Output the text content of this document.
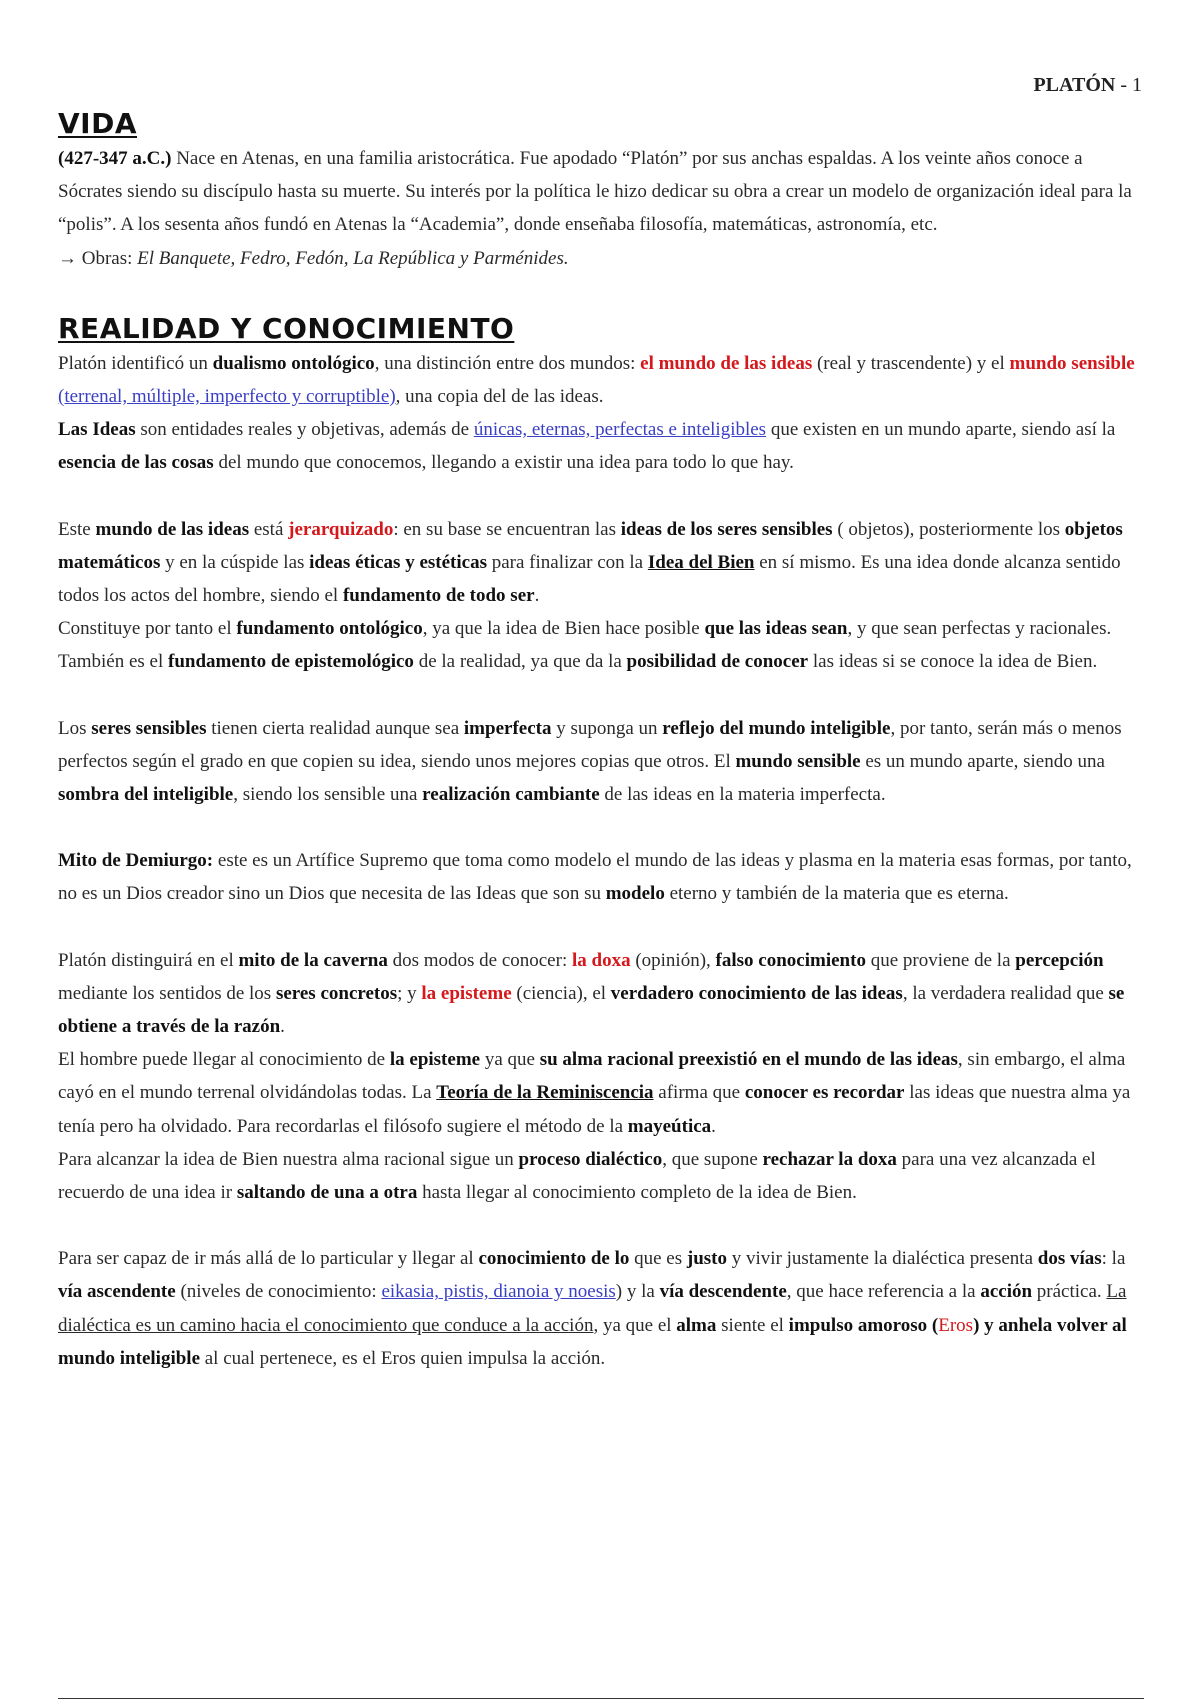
PLATÓN - 1
VIDA

(427-347 a.C.) Nace en Atenas, en una familia aristocrática. Fue apodado “Platón” por sus anchas espaldas. A los veinte años conoce a Sócrates siendo su discípulo hasta su muerte. Su interés por la política le hizo dedicar su obra a crear un modelo de organización ideal para la “polis”. A los sesenta años fundó en Atenas la “Academia”, donde enseñaba filosofía, matemáticas, astronomía, etc.

→ Obras: El Banquete, Fedro, Fedón, La República y Parménides.

REALIDAD Y CONOCIMIENTO

Platón identificó un dualismo ontológico, una distinción entre dos mundos: el mundo de las ideas (real y trascendente) y el mundo sensible (terrenal, múltiple, imperfecto y corruptible), una copia del de las ideas.

Las Ideas son entidades reales y objetivas, además de únicas, eternas, perfectas e inteligibles que existen en un mundo aparte, siendo así la esencia de las cosas del mundo que conocemos, llegando a existir una idea para todo lo que hay.

Este mundo de las ideas está jerarquizado: en su base se encuentran las ideas de los seres sensibles ( objetos), posteriormente los objetos matemáticos y en la cúspide las ideas éticas y estéticas para finalizar con la Idea del Bien en sí mismo. Es una idea donde alcanza sentido todos los actos del hombre, siendo el fundamento de todo ser.

Constituye por tanto el fundamento ontológico, ya que la idea de Bien hace posible que las ideas sean, y que sean perfectas y racionales. También es el fundamento de epistemológico de la realidad, ya que da la posibilidad de conocer las ideas si se conoce la idea de Bien.

Los seres sensibles tienen cierta realidad aunque sea imperfecta y suponga un reflejo del mundo inteligible, por tanto, serán más o menos perfectos según el grado en que copien su idea, siendo unos mejores copias que otros. El mundo sensible es un mundo aparte, siendo una sombra del inteligible, siendo los sensible una realización cambiante de las ideas en la materia imperfecta.

Mito de Demiurgo: este es un Artífice Supremo que toma como modelo el mundo de las ideas y plasma en la materia esas formas, por tanto, no es un Dios creador sino un Dios que necesita de las Ideas que son su modelo eterno y también de la materia que es eterna.

Platón distinguirá en el mito de la caverna dos modos de conocer: la doxa (opinión), falso conocimiento que proviene de la percepción mediante los sentidos de los seres concretos; y la episteme (ciencia), el verdadero conocimiento de las ideas, la verdadera realidad que se obtiene a través de la razón.

El hombre puede llegar al conocimiento de la episteme ya que su alma racional preexistió en el mundo de las ideas, sin embargo, el alma cayó en el mundo terrenal olvidándolas todas. La Teoría de la Reminiscencia afirma que conocer es recordar las ideas que nuestra alma ya tenía pero ha olvidado. Para recordarlas el filósofo sugiere el método de la mayeútica.

Para alcanzar la idea de Bien nuestra alma racional sigue un proceso dialéctico, que supone rechazar la doxa para una vez alcanzada el recuerdo de una idea ir saltando de una a otra hasta llegar al conocimiento completo de la idea de Bien.

Para ser capaz de ir más allá de lo particular y llegar al conocimiento de lo que es justo y vivir justamente la dialéctica presenta dos vías: la vía ascendente (niveles de conocimiento: eikasia, pistis, dianoia y noesis) y la vía descendente, que hace referencia a la acción práctica. La dialéctica es un camino hacia el conocimiento que conduce a la acción, ya que el alma siente el impulso amoroso (Eros) y anhela volver al mundo inteligible al cual pertenece, es el Eros quien impulsa la acción.
